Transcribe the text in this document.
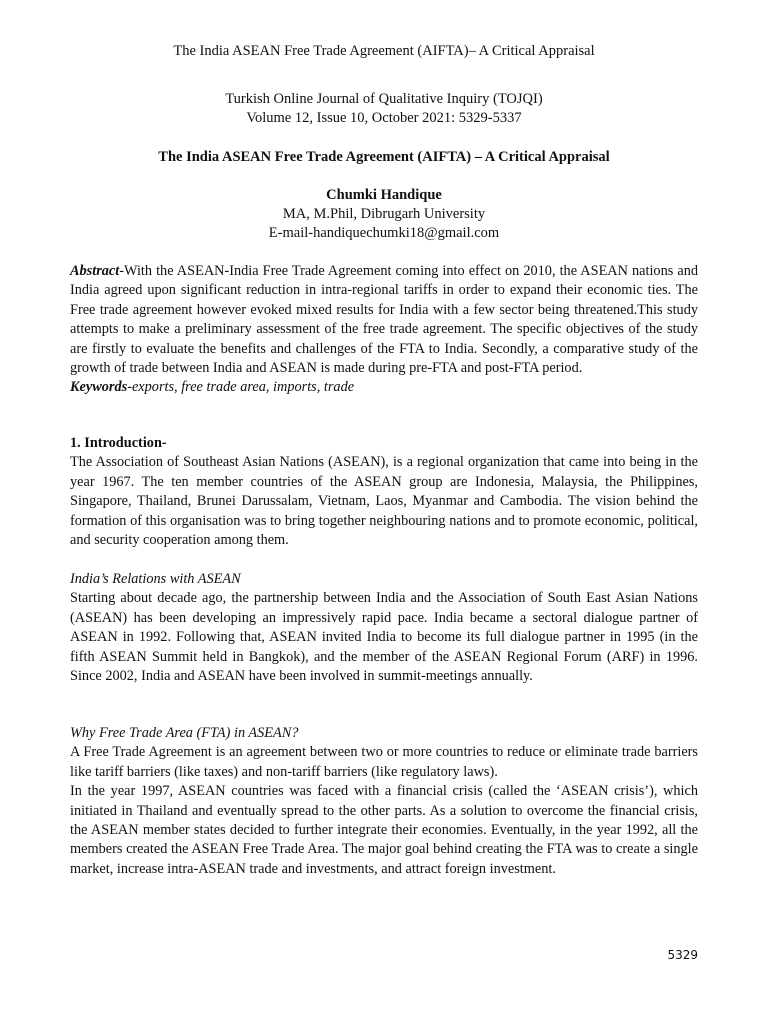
The India ASEAN Free Trade Agreement (AIFTA)– A Critical Appraisal
Turkish Online Journal of Qualitative Inquiry (TOJQI)
Volume 12, Issue 10, October 2021: 5329-5337
The India ASEAN Free Trade Agreement (AIFTA) – A Critical Appraisal
Chumki Handique
MA, M.Phil, Dibrugarh University
E-mail-handiquechumki18@gmail.com

Abstract-With the ASEAN-India Free Trade Agreement coming into effect on 2010, the ASEAN nations and India agreed upon significant reduction in intra-regional tariffs in order to expand their economic ties. The Free trade agreement however evoked mixed results for India with a few sector being threatened.This study attempts to make a preliminary assessment of the free trade agreement. The specific objectives of the study are firstly to evaluate the benefits and challenges of the FTA to India. Secondly, a comparative study of the growth of trade between India and ASEAN is made during pre-FTA and post-FTA period.

Keywords-exports, free trade area, imports, trade

1. Introduction-

The Association of Southeast Asian Nations (ASEAN), is a regional organization that came into being in the year 1967. The ten member countries of the ASEAN group are Indonesia, Malaysia, the Philippines, Singapore, Thailand, Brunei Darussalam, Vietnam, Laos, Myanmar and Cambodia. The vision behind the formation of this organisation was to bring together neighbouring nations and to promote economic, political, and security cooperation among them.

India’s Relations with ASEAN

Starting about decade ago, the partnership between India and the Association of South East Asian Nations (ASEAN) has been developing an impressively rapid pace. India became a sectoral dialogue partner of ASEAN in 1992. Following that, ASEAN invited India to become its full dialogue partner in 1995 (in the fifth ASEAN Summit held in Bangkok), and the member of the ASEAN Regional Forum (ARF) in 1996. Since 2002, India and ASEAN have been involved in summit-meetings annually.

Why Free Trade Area (FTA) in ASEAN?

A Free Trade Agreement is an agreement between two or more countries to reduce or eliminate trade barriers like tariff barriers (like taxes) and non-tariff barriers (like regulatory laws).

In the year 1997, ASEAN countries was faced with a financial crisis (called the ‘ASEAN crisis’), which initiated in Thailand and eventually spread to the other parts. As a solution to overcome the financial crisis, the ASEAN member states decided to further integrate their economies. Eventually, in the year 1992, all the members created the ASEAN Free Trade Area. The major goal behind creating the FTA was to create a single market, increase intra-ASEAN trade and investments, and attract foreign investment.

5329
